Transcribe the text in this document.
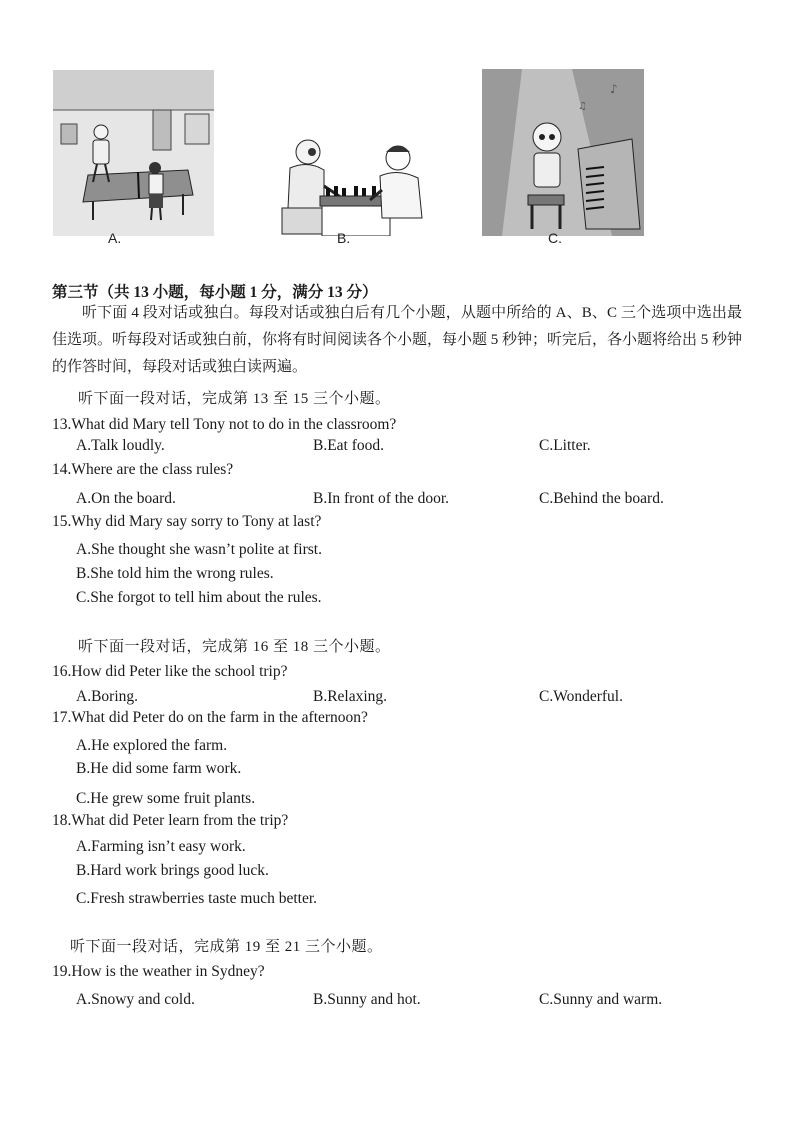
A.	B.
♪
♫
C.
第三节（共 13 小题，每小题 1 分，满分 13 分）
听下面 4 段对话或独白。每段对话或独白后有几个小题，从题中所给的 A、B、C 三个选项中选出最佳选项。听每段对话或独白前，你将有时间阅读各个小题，每小题 5 秒钟；听完后，各小题将给出 5 秒钟的作答时间，每段对话或独白读两遍。
听下面一段对话，完成第 13 至 15 三个小题。
13.What did Mary tell Tony not to do in the classroom?
A.Talk loudly.	B.Eat food.	C.Litter.
14.Where are the class rules?
A.On the board.	B.In front of the door.	C.Behind the board.
15.Why did Mary say sorry to Tony at last?
A.She thought she wasn’t polite at first.
B.She told him the wrong rules.
C.She forgot to tell him about the rules.
听下面一段对话，完成第 16 至 18 三个小题。
16.How did Peter like the school trip?
A.Boring.	B.Relaxing.	C.Wonderful.
17.What did Peter do on the farm in the afternoon?
A.He explored the farm.
B.He did some farm work.
C.He grew some fruit plants.
18.What did Peter learn from the trip?
A.Farming isn’t easy work.
B.Hard work brings good luck.
C.Fresh strawberries taste much better.
听下面一段对话，完成第 19 至 21 三个小题。
19.How is the weather in Sydney?
A.Snowy and cold.	B.Sunny and hot.	C.Sunny and warm.
